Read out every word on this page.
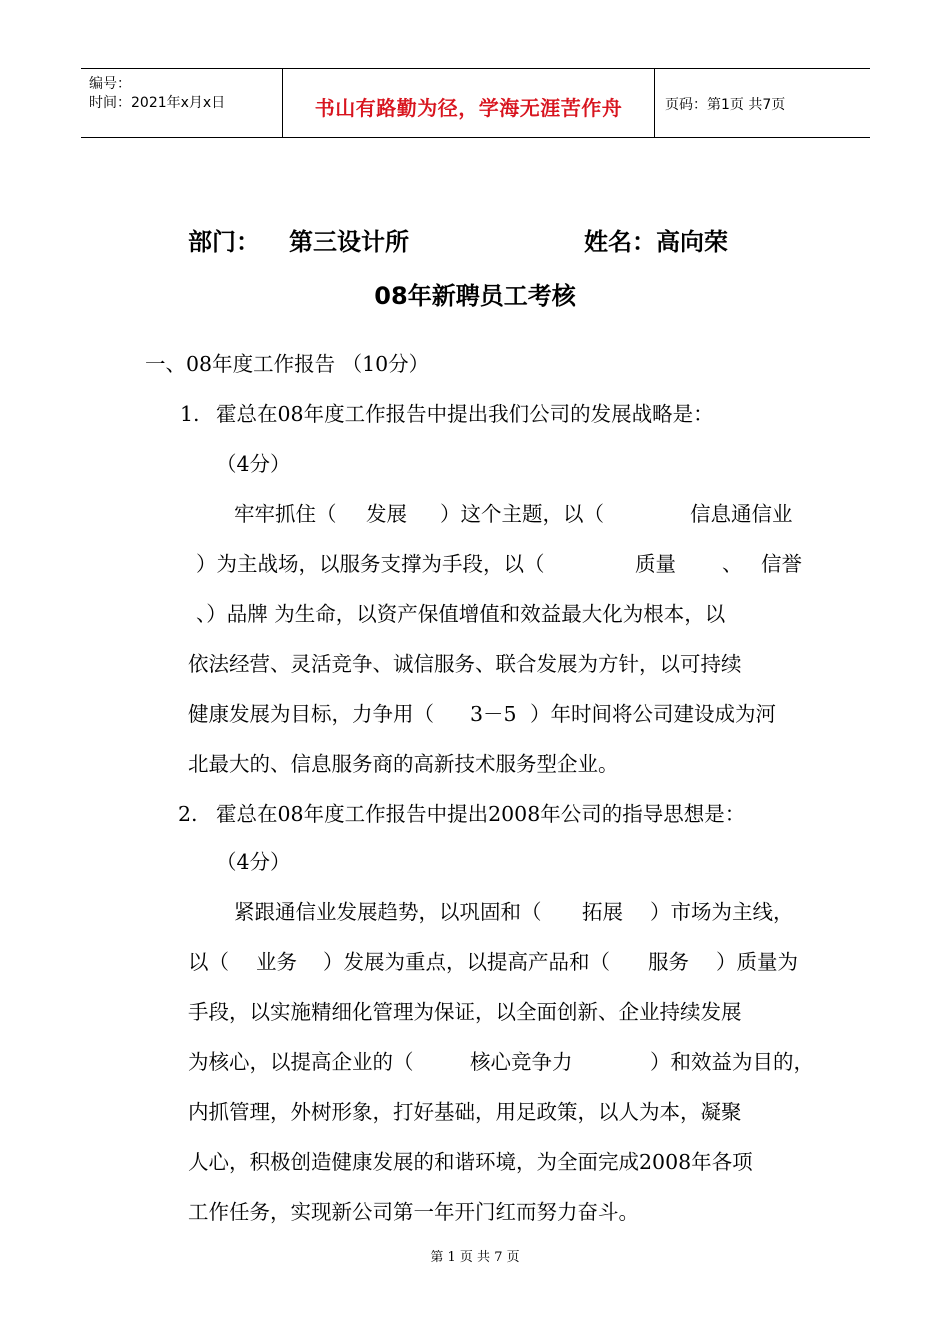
编号：
时间：2021年x月x日	书山有路勤为径，学海无涯苦作舟	页码：第1页 共7页
部门： 第三设计所	姓名：高向荣
08年新聘员工考核
一、08年度工作报告 （10分）
1. 霍总在08年度工作报告中提出我们公司的发展战略是：
（4分）
牢牢抓住（ 发展 ）这个主题，以（	信息通信业
）为主战场，以服务支撑为手段，以（	质量 、 信誉
、）品牌 为生命，以资产保值增值和效益最大化为根本，以
依法经营、灵活竞争、诚信服务、联合发展为方针，以可持续
健康发展为目标，力争用（ 3－5 ）年时间将公司建设成为河
北最大的、信息服务商的高新技术服务型企业。
2. 霍总在08年度工作报告中提出2008年公司的指导思想是：
（4分）
紧跟通信业发展趋势，以巩固和（ 拓展 ）市场为主线，
以（ 业务 ）发展为重点，以提高产品和（ 服务 ）质量为
手段，以实施精细化管理为保证，以全面创新、企业持续发展
为核心，以提高企业的（	核心竞争力	）和效益为目的，
内抓管理，外树形象，打好基础，用足政策，以人为本，凝聚
人心，积极创造健康发展的和谐环境，为全面完成2008年各项
工作任务，实现新公司第一年开门红而努力奋斗。
第 1 页 共 7 页
